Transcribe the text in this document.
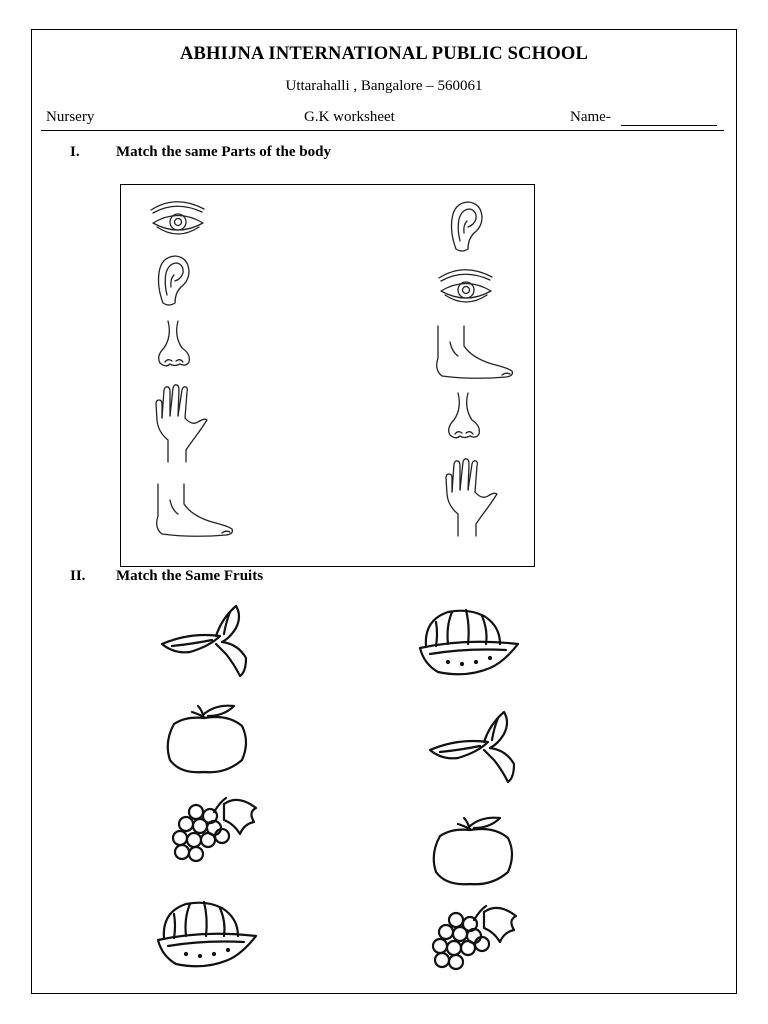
ABHIJNA INTERNATIONAL PUBLIC SCHOOL
Uttarahalli , Bangalore – 560061
Nursery	G.K worksheet	Name-
I. Match the same Parts of the body
II. Match the Same Fruits
